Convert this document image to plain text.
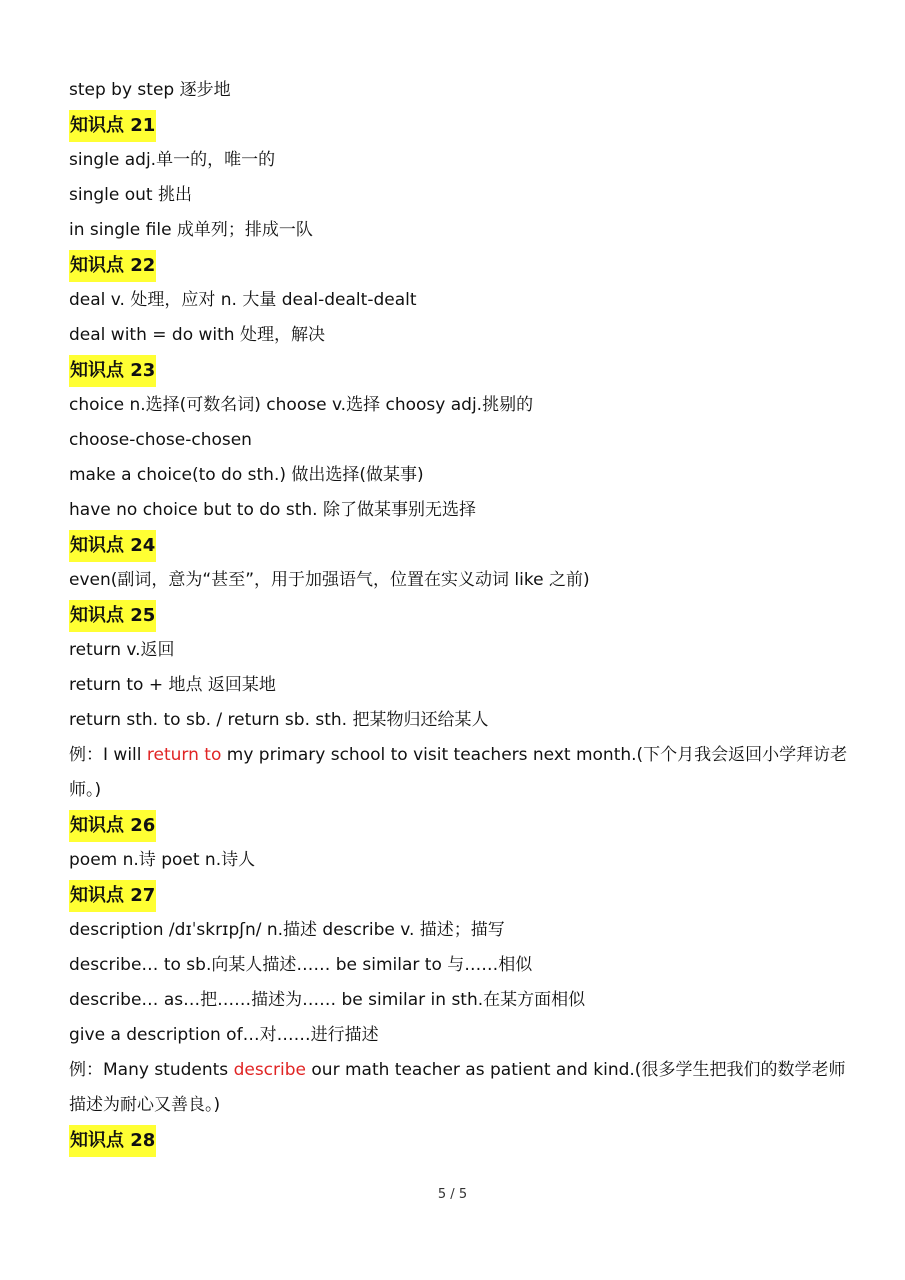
step by step 逐步地
知识点 21
single adj.单一的，唯一的
single out 挑出
in single file 成单列；排成一队
知识点 22
deal v. 处理，应对 n. 大量 deal-dealt-dealt
deal with = do with 处理，解决
知识点 23
choice n.选择(可数名词) choose v.选择 choosy adj.挑剔的
choose-chose-chosen
make a choice(to do sth.) 做出选择(做某事)
have no choice but to do sth. 除了做某事别无选择
知识点 24
even(副词，意为“甚至”，用于加强语气，位置在实义动词 like 之前)
知识点 25
return v.返回
return to + 地点 返回某地
return sth. to sb. / return sb. sth. 把某物归还给某人
例：I will return to my primary school to visit teachers next month.(下个月我会返回小学拜访老师。)
知识点 26
poem n.诗 poet n.诗人
知识点 27
description /dɪˈskrɪpʃn/ n.描述 describe v. 描述；描写
describe… to sb.向某人描述…… be similar to 与……相似
describe… as…把……描述为…… be similar in sth.在某方面相似
give a description of…对……进行描述
例：Many students describe our math teacher as patient and kind.(很多学生把我们的数学老师描述为耐心又善良。)
知识点 28
5 / 5
